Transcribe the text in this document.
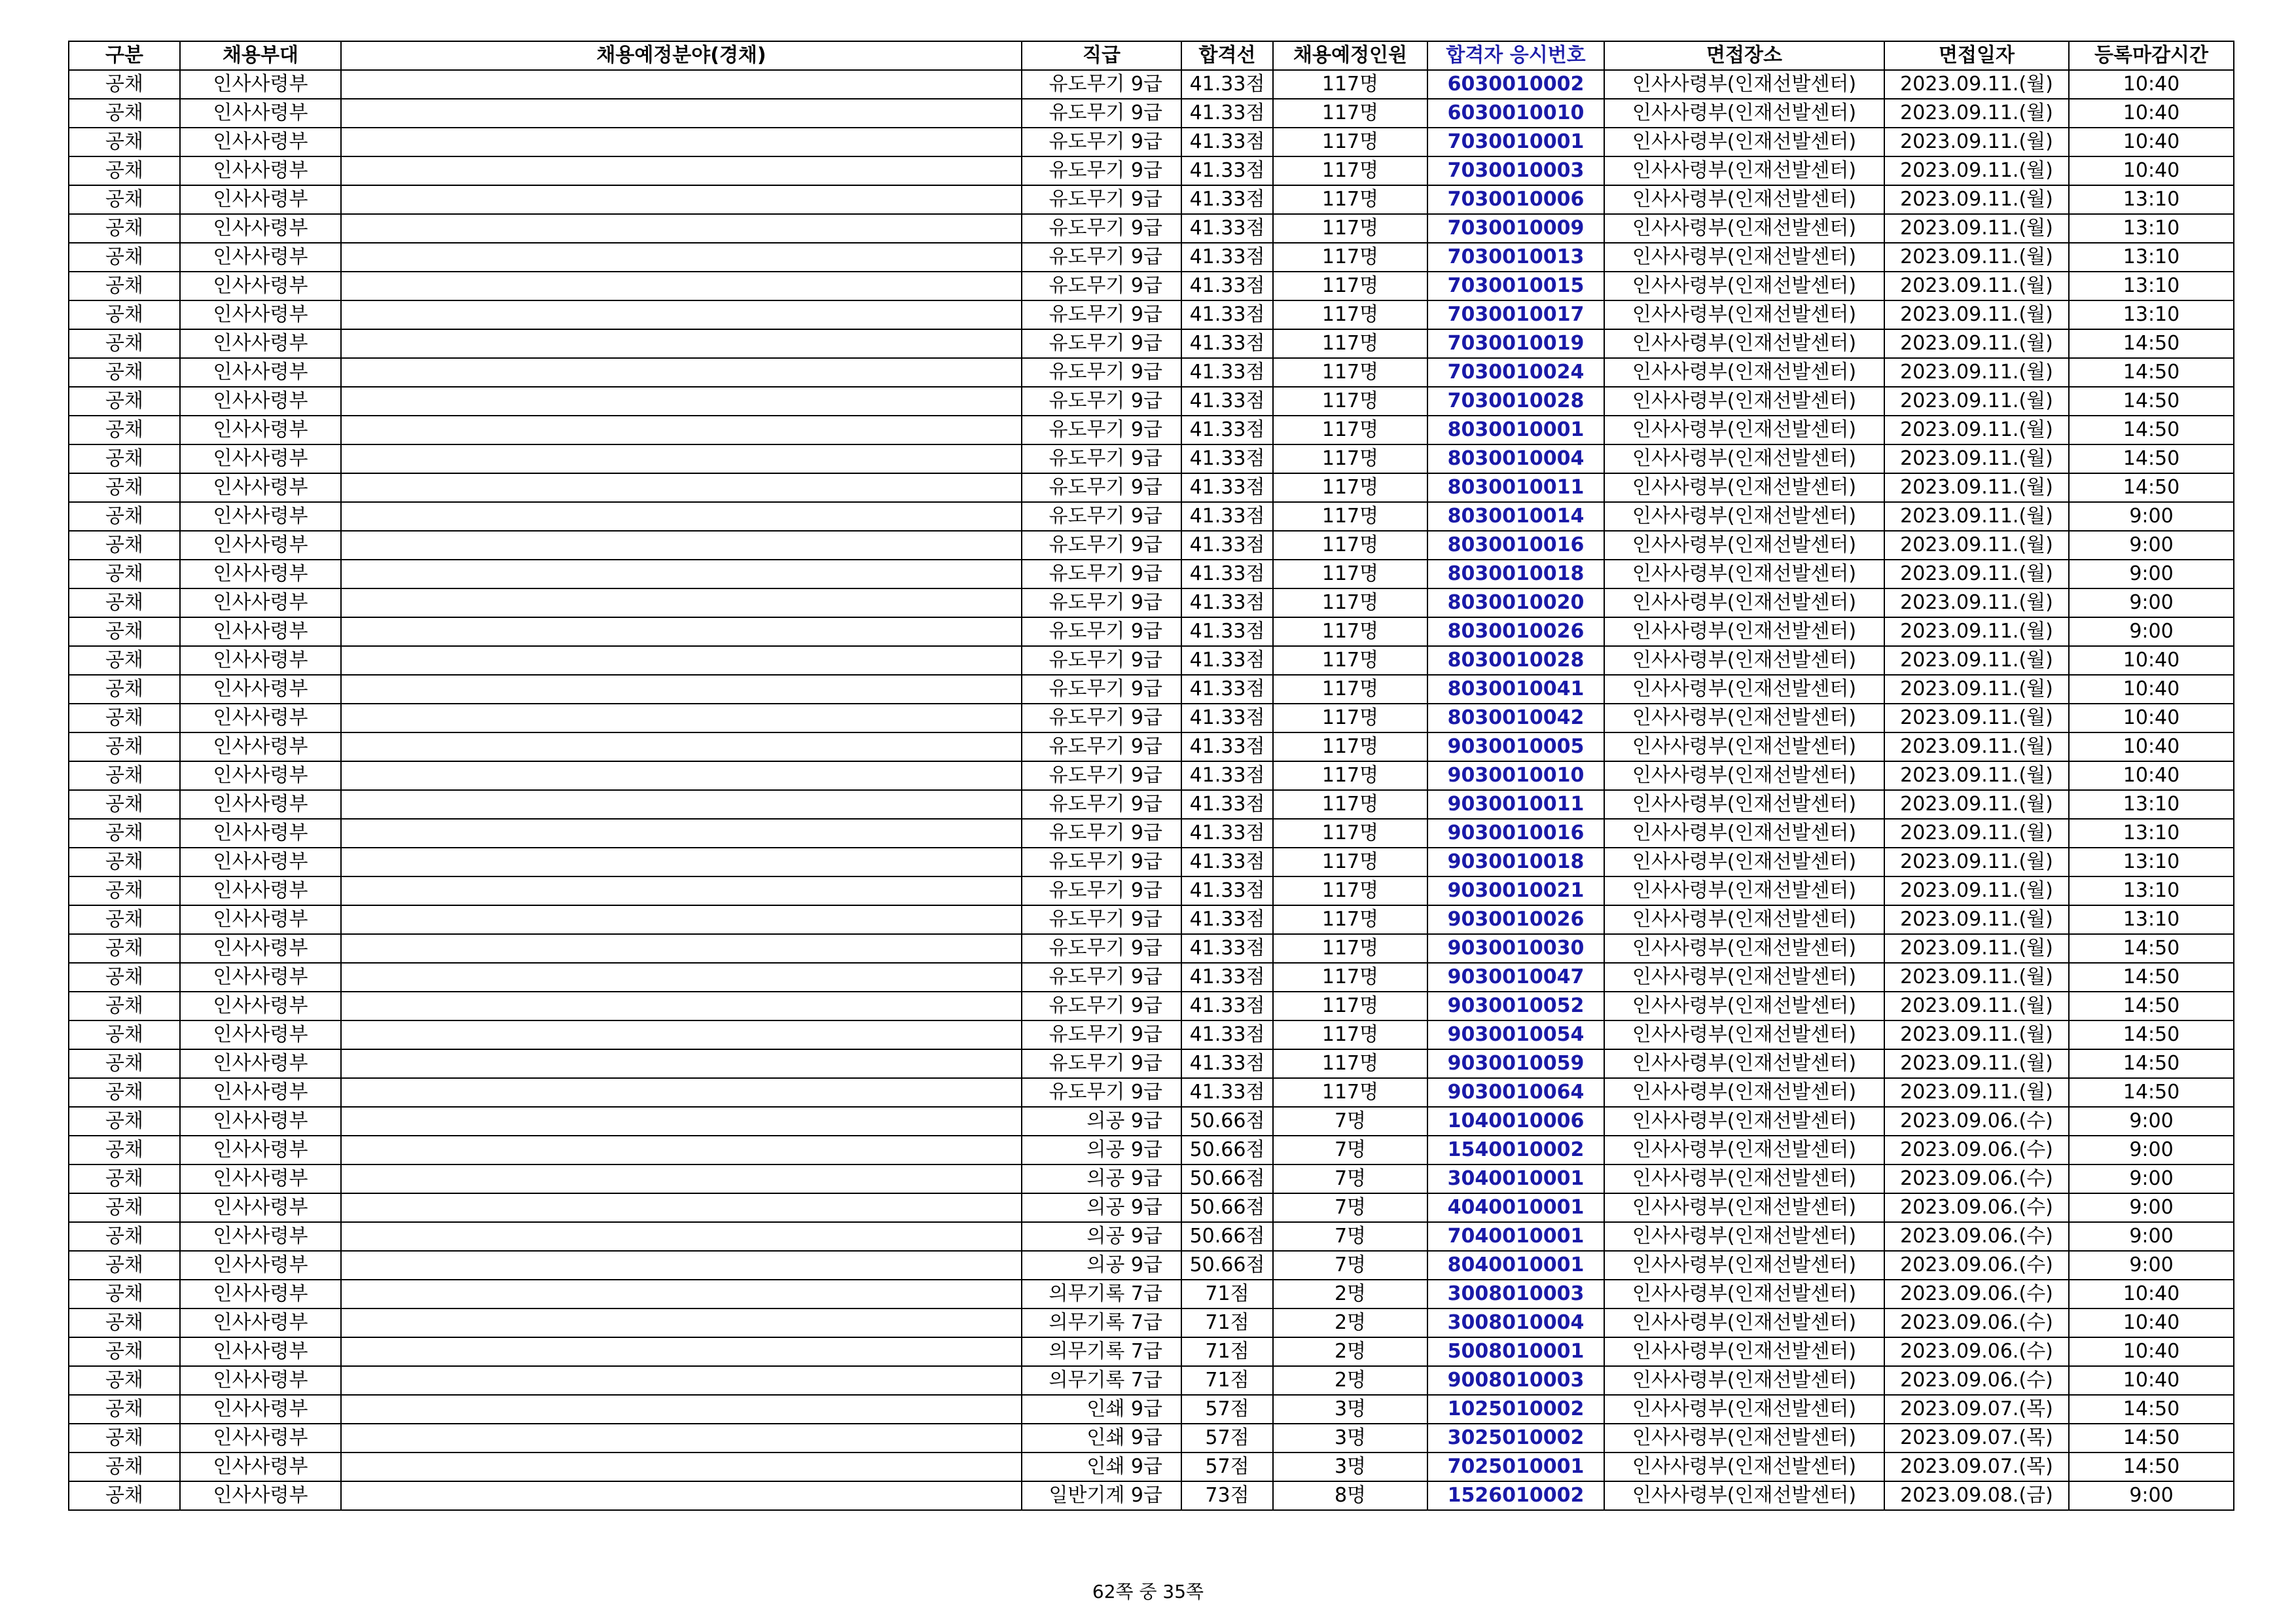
구분	채용부대	채용예정분야(경채)	직급	합격선	채용예정인원	합격자 응시번호	면접장소	면접일자	등록마감시간
공채	인사사령부		유도무기 9급	41.33점	117명	6030010002	인사사령부(인재선발센터)	2023.09.11.(월)	10:40
공채	인사사령부		유도무기 9급	41.33점	117명	6030010010	인사사령부(인재선발센터)	2023.09.11.(월)	10:40
공채	인사사령부		유도무기 9급	41.33점	117명	7030010001	인사사령부(인재선발센터)	2023.09.11.(월)	10:40
공채	인사사령부		유도무기 9급	41.33점	117명	7030010003	인사사령부(인재선발센터)	2023.09.11.(월)	10:40
공채	인사사령부		유도무기 9급	41.33점	117명	7030010006	인사사령부(인재선발센터)	2023.09.11.(월)	13:10
공채	인사사령부		유도무기 9급	41.33점	117명	7030010009	인사사령부(인재선발센터)	2023.09.11.(월)	13:10
공채	인사사령부		유도무기 9급	41.33점	117명	7030010013	인사사령부(인재선발센터)	2023.09.11.(월)	13:10
공채	인사사령부		유도무기 9급	41.33점	117명	7030010015	인사사령부(인재선발센터)	2023.09.11.(월)	13:10
공채	인사사령부		유도무기 9급	41.33점	117명	7030010017	인사사령부(인재선발센터)	2023.09.11.(월)	13:10
공채	인사사령부		유도무기 9급	41.33점	117명	7030010019	인사사령부(인재선발센터)	2023.09.11.(월)	14:50
공채	인사사령부		유도무기 9급	41.33점	117명	7030010024	인사사령부(인재선발센터)	2023.09.11.(월)	14:50
공채	인사사령부		유도무기 9급	41.33점	117명	7030010028	인사사령부(인재선발센터)	2023.09.11.(월)	14:50
공채	인사사령부		유도무기 9급	41.33점	117명	8030010001	인사사령부(인재선발센터)	2023.09.11.(월)	14:50
공채	인사사령부		유도무기 9급	41.33점	117명	8030010004	인사사령부(인재선발센터)	2023.09.11.(월)	14:50
공채	인사사령부		유도무기 9급	41.33점	117명	8030010011	인사사령부(인재선발센터)	2023.09.11.(월)	14:50
공채	인사사령부		유도무기 9급	41.33점	117명	8030010014	인사사령부(인재선발센터)	2023.09.11.(월)	9:00
공채	인사사령부		유도무기 9급	41.33점	117명	8030010016	인사사령부(인재선발센터)	2023.09.11.(월)	9:00
공채	인사사령부		유도무기 9급	41.33점	117명	8030010018	인사사령부(인재선발센터)	2023.09.11.(월)	9:00
공채	인사사령부		유도무기 9급	41.33점	117명	8030010020	인사사령부(인재선발센터)	2023.09.11.(월)	9:00
공채	인사사령부		유도무기 9급	41.33점	117명	8030010026	인사사령부(인재선발센터)	2023.09.11.(월)	9:00
공채	인사사령부		유도무기 9급	41.33점	117명	8030010028	인사사령부(인재선발센터)	2023.09.11.(월)	10:40
공채	인사사령부		유도무기 9급	41.33점	117명	8030010041	인사사령부(인재선발센터)	2023.09.11.(월)	10:40
공채	인사사령부		유도무기 9급	41.33점	117명	8030010042	인사사령부(인재선발센터)	2023.09.11.(월)	10:40
공채	인사사령부		유도무기 9급	41.33점	117명	9030010005	인사사령부(인재선발센터)	2023.09.11.(월)	10:40
공채	인사사령부		유도무기 9급	41.33점	117명	9030010010	인사사령부(인재선발센터)	2023.09.11.(월)	10:40
공채	인사사령부		유도무기 9급	41.33점	117명	9030010011	인사사령부(인재선발센터)	2023.09.11.(월)	13:10
공채	인사사령부		유도무기 9급	41.33점	117명	9030010016	인사사령부(인재선발센터)	2023.09.11.(월)	13:10
공채	인사사령부		유도무기 9급	41.33점	117명	9030010018	인사사령부(인재선발센터)	2023.09.11.(월)	13:10
공채	인사사령부		유도무기 9급	41.33점	117명	9030010021	인사사령부(인재선발센터)	2023.09.11.(월)	13:10
공채	인사사령부		유도무기 9급	41.33점	117명	9030010026	인사사령부(인재선발센터)	2023.09.11.(월)	13:10
공채	인사사령부		유도무기 9급	41.33점	117명	9030010030	인사사령부(인재선발센터)	2023.09.11.(월)	14:50
공채	인사사령부		유도무기 9급	41.33점	117명	9030010047	인사사령부(인재선발센터)	2023.09.11.(월)	14:50
공채	인사사령부		유도무기 9급	41.33점	117명	9030010052	인사사령부(인재선발센터)	2023.09.11.(월)	14:50
공채	인사사령부		유도무기 9급	41.33점	117명	9030010054	인사사령부(인재선발센터)	2023.09.11.(월)	14:50
공채	인사사령부		유도무기 9급	41.33점	117명	9030010059	인사사령부(인재선발센터)	2023.09.11.(월)	14:50
공채	인사사령부		유도무기 9급	41.33점	117명	9030010064	인사사령부(인재선발센터)	2023.09.11.(월)	14:50
공채	인사사령부		의공 9급	50.66점	7명	1040010006	인사사령부(인재선발센터)	2023.09.06.(수)	9:00
공채	인사사령부		의공 9급	50.66점	7명	1540010002	인사사령부(인재선발센터)	2023.09.06.(수)	9:00
공채	인사사령부		의공 9급	50.66점	7명	3040010001	인사사령부(인재선발센터)	2023.09.06.(수)	9:00
공채	인사사령부		의공 9급	50.66점	7명	4040010001	인사사령부(인재선발센터)	2023.09.06.(수)	9:00
공채	인사사령부		의공 9급	50.66점	7명	7040010001	인사사령부(인재선발센터)	2023.09.06.(수)	9:00
공채	인사사령부		의공 9급	50.66점	7명	8040010001	인사사령부(인재선발센터)	2023.09.06.(수)	9:00
공채	인사사령부		의무기록 7급	71점	2명	3008010003	인사사령부(인재선발센터)	2023.09.06.(수)	10:40
공채	인사사령부		의무기록 7급	71점	2명	3008010004	인사사령부(인재선발센터)	2023.09.06.(수)	10:40
공채	인사사령부		의무기록 7급	71점	2명	5008010001	인사사령부(인재선발센터)	2023.09.06.(수)	10:40
공채	인사사령부		의무기록 7급	71점	2명	9008010003	인사사령부(인재선발센터)	2023.09.06.(수)	10:40
공채	인사사령부		인쇄 9급	57점	3명	1025010002	인사사령부(인재선발센터)	2023.09.07.(목)	14:50
공채	인사사령부		인쇄 9급	57점	3명	3025010002	인사사령부(인재선발센터)	2023.09.07.(목)	14:50
공채	인사사령부		인쇄 9급	57점	3명	7025010001	인사사령부(인재선발센터)	2023.09.07.(목)	14:50
공채	인사사령부		일반기계 9급	73점	8명	1526010002	인사사령부(인재선발센터)	2023.09.08.(금)	9:00
62쪽 중 35쪽
